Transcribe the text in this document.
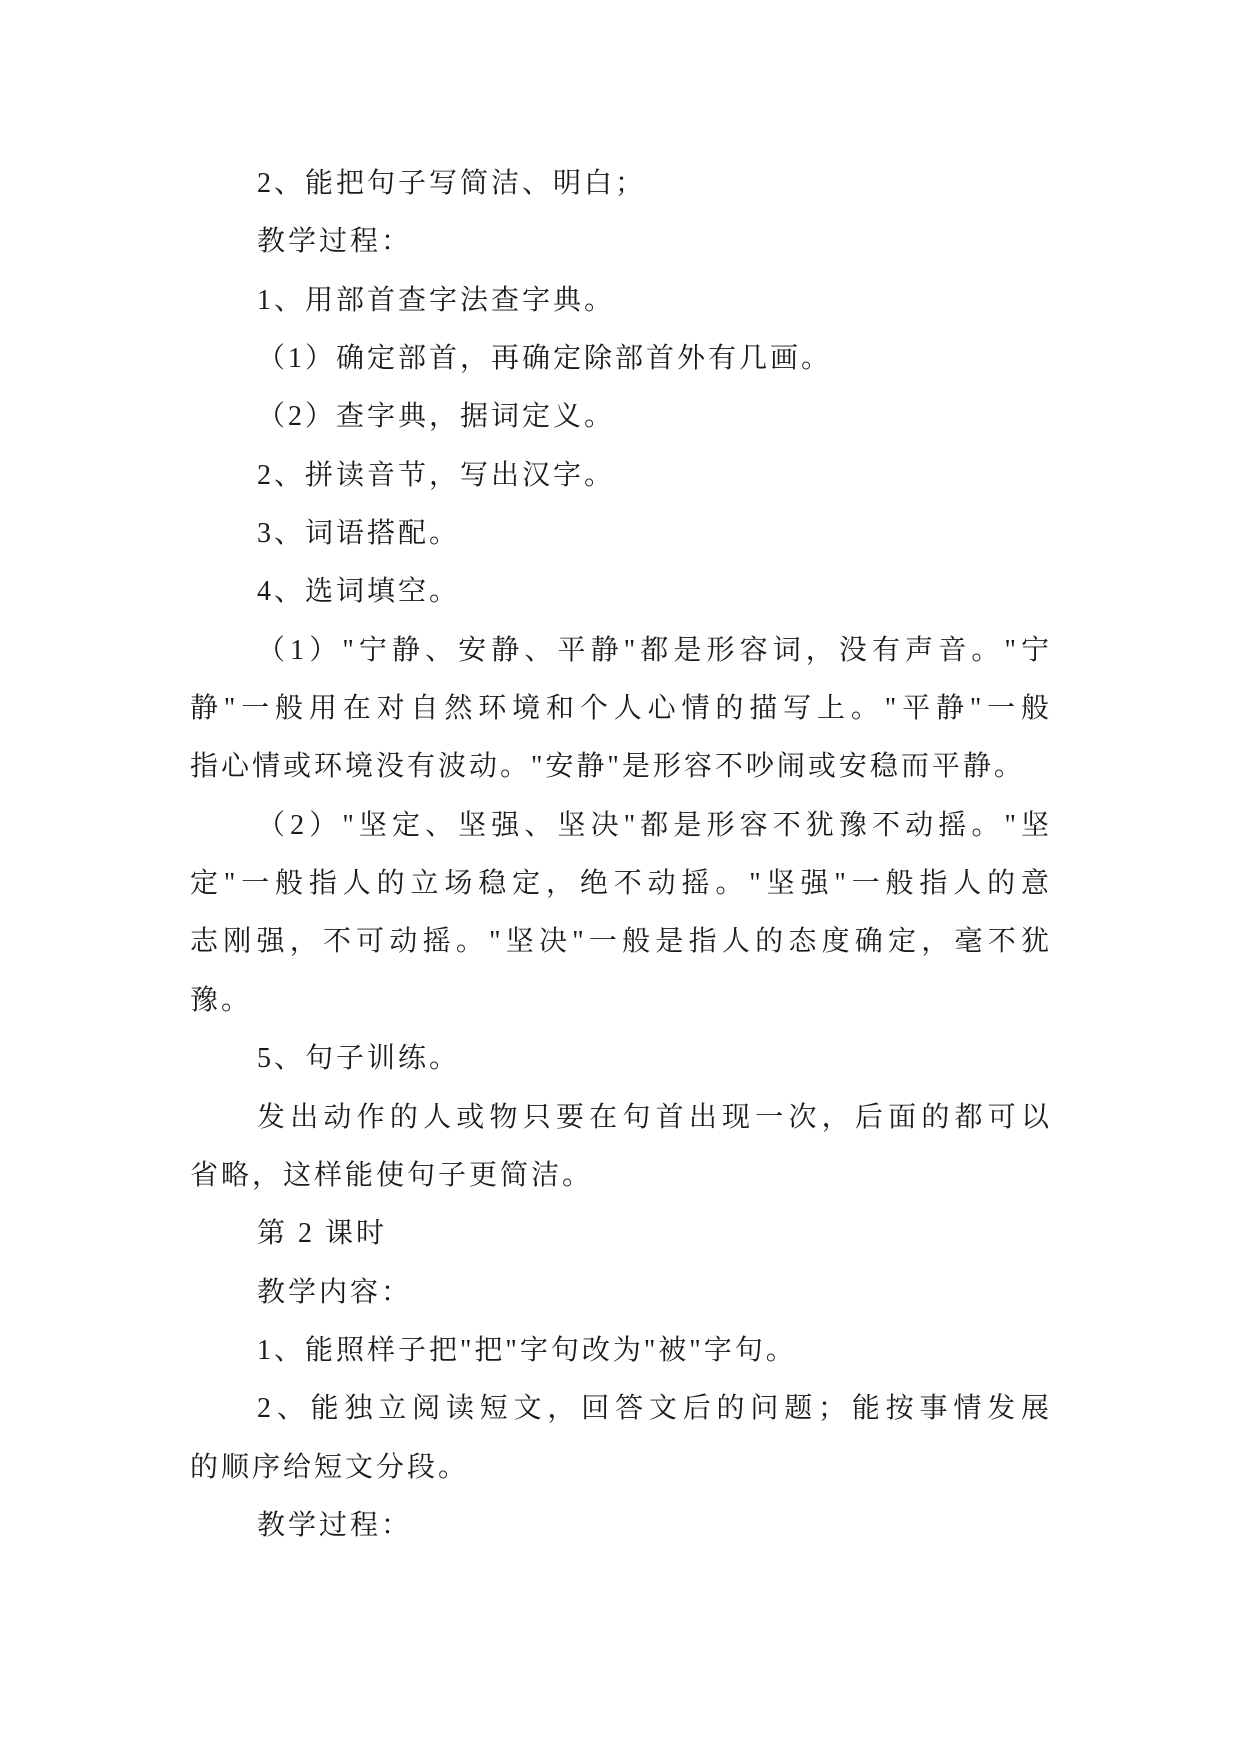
2、能把句子写简洁、明白；
教学过程：
1、用部首查字法查字典。
（1）确定部首，再确定除部首外有几画。
（2）查字典，据词定义。
2、拼读音节，写出汉字。
3、词语搭配。
4、选词填空。
（1）"宁静、安静、平静"都是形容词，没有声音。"宁
静"一般用在对自然环境和个人心情的描写上。"平静"一般
指心情或环境没有波动。"安静"是形容不吵闹或安稳而平静。
（2）"坚定、坚强、坚决"都是形容不犹豫不动摇。"坚
定"一般指人的立场稳定，绝不动摇。"坚强"一般指人的意
志刚强，不可动摇。"坚决"一般是指人的态度确定，毫不犹
豫。
5、句子训练。
发出动作的人或物只要在句首出现一次，后面的都可以
省略，这样能使句子更简洁。
第 2 课时
教学内容：
1、能照样子把"把"字句改为"被"字句。
2、能独立阅读短文，回答文后的问题；能按事情发展
的顺序给短文分段。
教学过程：
